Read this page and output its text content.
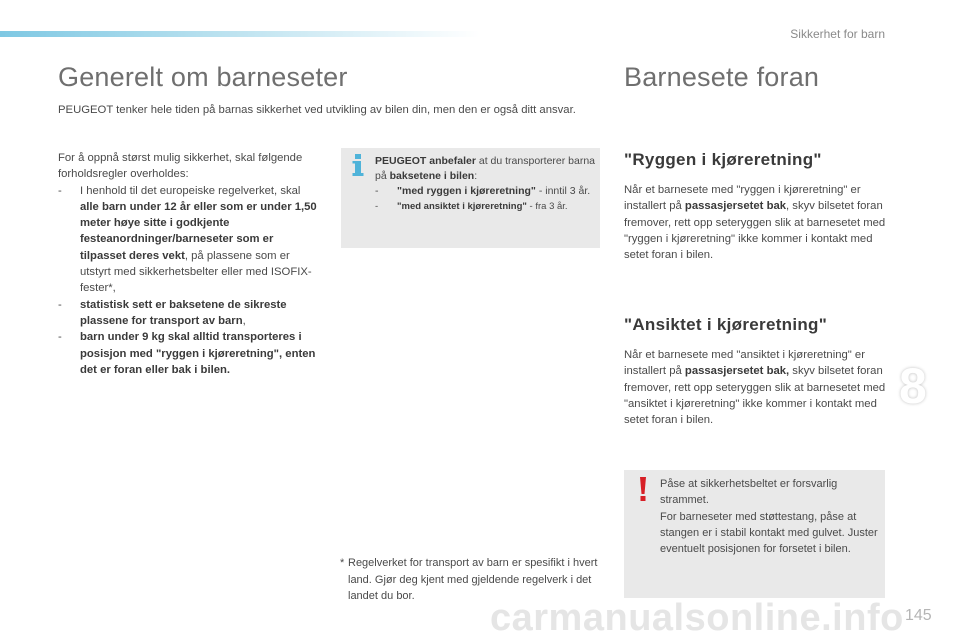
Sikkerhet for barn
Generelt om barneseter
PEUGEOT tenker hele tiden på barnas sikkerhet ved utvikling av bilen din, men den er også ditt ansvar.

For å oppnå størst mulig sikkerhet, skal følgende forholdsregler overholdes:

-	I henhold til det europeiske regelverket, skal alle barn under 12 år eller som er under 1,50 meter høye sitte i godkjente festeanordninger/barneseter som er tilpasset deres vekt, på plassene som er utstyrt med sikkerhetsbelter eller med ISOFIX-fester*,
-	statistisk sett er baksetene de sikreste plassene for transport av barn,
-	barn under 9 kg skal alltid transporteres i posisjon med "ryggen i kjøreretning", enten det er foran eller bak i bilen.
PEUGEOT anbefaler at du transporterer barna på baksetene i bilen:
-	"med ryggen i kjøreretning" - inntil 3 år.
-	"med ansiktet i kjøreretning" - fra 3 år.
* Regelverket for transport av barn er spesifikt i hvert land. Gjør deg kjent med gjeldende regelverk i det landet du bor.
Barnesete foran
"Ryggen i kjøreretning"
Når et barnesete med "ryggen i kjøreretning" er installert på passasjersetet bak, skyv bilsetet foran fremover, rett opp seteryggen slik at barnesetet med "ryggen i kjøreretning" ikke kommer i kontakt med setet foran i bilen.
"Ansiktet i kjøreretning"
Når et barnesete med "ansiktet i kjøreretning" er installert på passasjersetet bak, skyv bilsetet foran fremover, rett opp seteryggen slik at barnesetet med "ansiktet i kjøreretning" ikke kommer i kontakt med setet foran i bilen.
8
Påse at sikkerhetsbeltet er forsvarlig strammet.
For barneseter med støttestang, påse at stangen er i stabil kontakt med gulvet. Juster eventuelt posisjonen for forsetet i bilen.
carmanualsonline.info 145
